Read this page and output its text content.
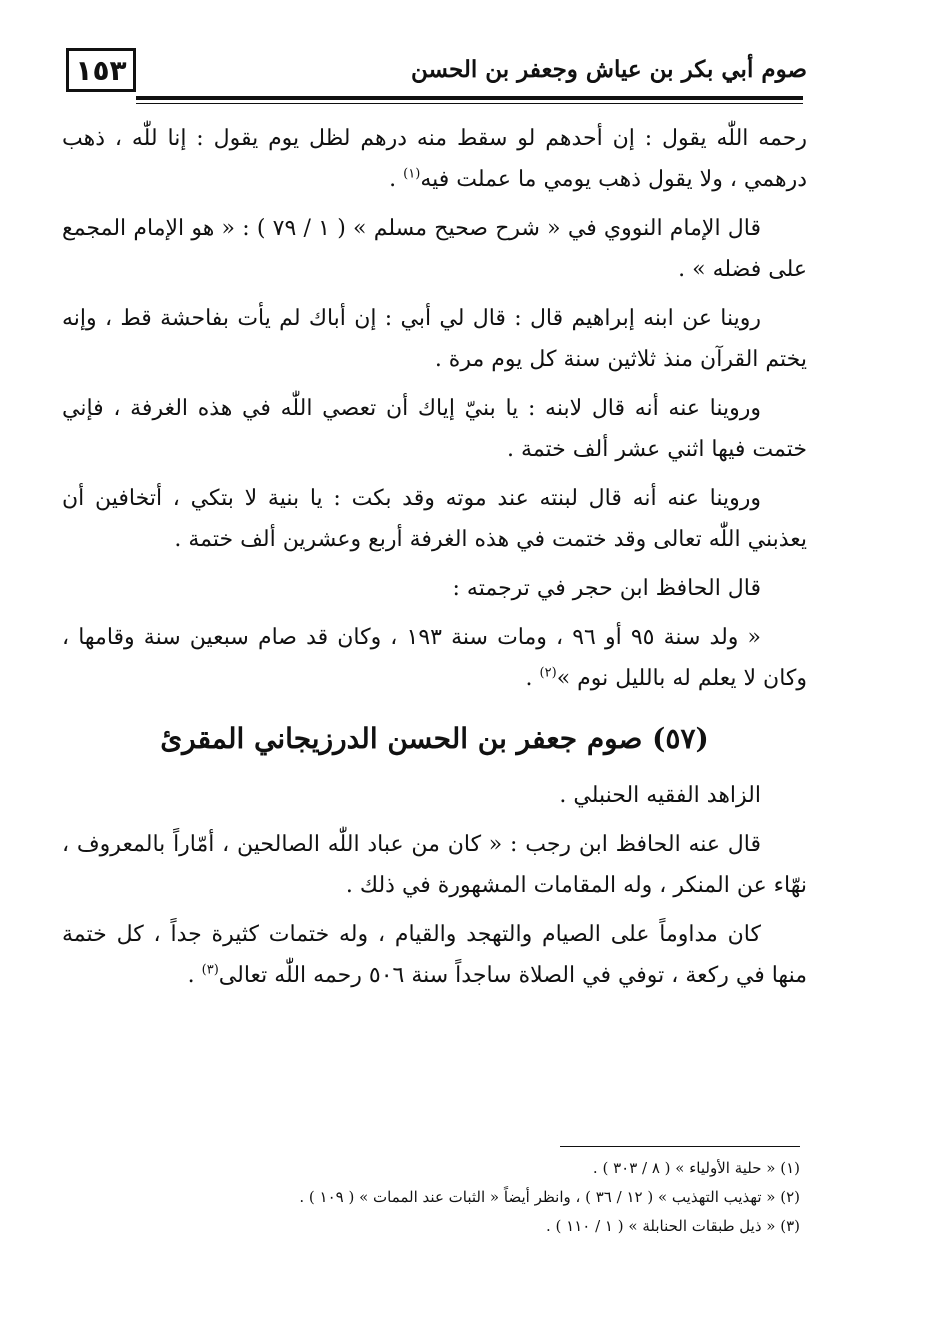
١٥٣	صوم أبي بكر بن عياش وجعفر بن الحسن

رحمه اللّٰه يقول : إن أحدهم لو سقط منه درهم لظل يوم يقول : إنا للّٰه ، ذهب درهمي ، ولا يقول ذهب يومي ما عملت فيه$^{(١)}$ .

قال الإمام النووي في « شرح صحيح مسلم » ( ١ / ٧٩ ) : « هو الإمام المجمع على فضله » .

روينا عن ابنه إبراهيم قال : قال لي أبي : إن أباك لم يأت بفاحشة قط ، وإنه يختم القرآن منذ ثلاثين سنة كل يوم مرة .

وروينا عنه أنه قال لابنه : يا بنيّ إياك أن تعصي اللّٰه في هذه الغرفة ، فإني ختمت فيها اثني عشر ألف ختمة .

وروينا عنه أنه قال لبنته عند موته وقد بكت : يا بنية لا بتكي ، أتخافين أن يعذبني اللّٰه تعالى وقد ختمت في هذه الغرفة أربع وعشرين ألف ختمة .

قال الحافظ ابن حجر في ترجمته :

« ولد سنة ٩٥ أو ٩٦ ، ومات سنة ١٩٣ ، وكان قد صام سبعين سنة وقامها ، وكان لا يعلم له بالليل نوم »$^{(٢)}$ .

(٥٧) صوم جعفر بن الحسن الدرزيجاني المقرئ

الزاهد الفقيه الحنبلي .

قال عنه الحافظ ابن رجب : « كان من عباد اللّٰه الصالحين ، أمّاراً بالمعروف ، نهّاء عن المنكر ، وله المقامات المشهورة في ذلك .

كان مداوماً على الصيام والتهجد والقيام ، وله ختمات كثيرة جداً ، كل ختمة منها في ركعة ، توفي في الصلاة ساجداً سنة ٥٠٦ رحمه اللّٰه تعالى$^{(٣)}$ .

(١) « حلية الأولياء » ( ٨ / ٣٠٣ ) .

(٢) « تهذيب التهذيب » ( ١٢ / ٣٦ ) ، وانظر أيضاً « الثبات عند الممات » ( ١٠٩ ) .

(٣) « ذيل طبقات الحنابلة » ( ١ / ١١٠ ) .
